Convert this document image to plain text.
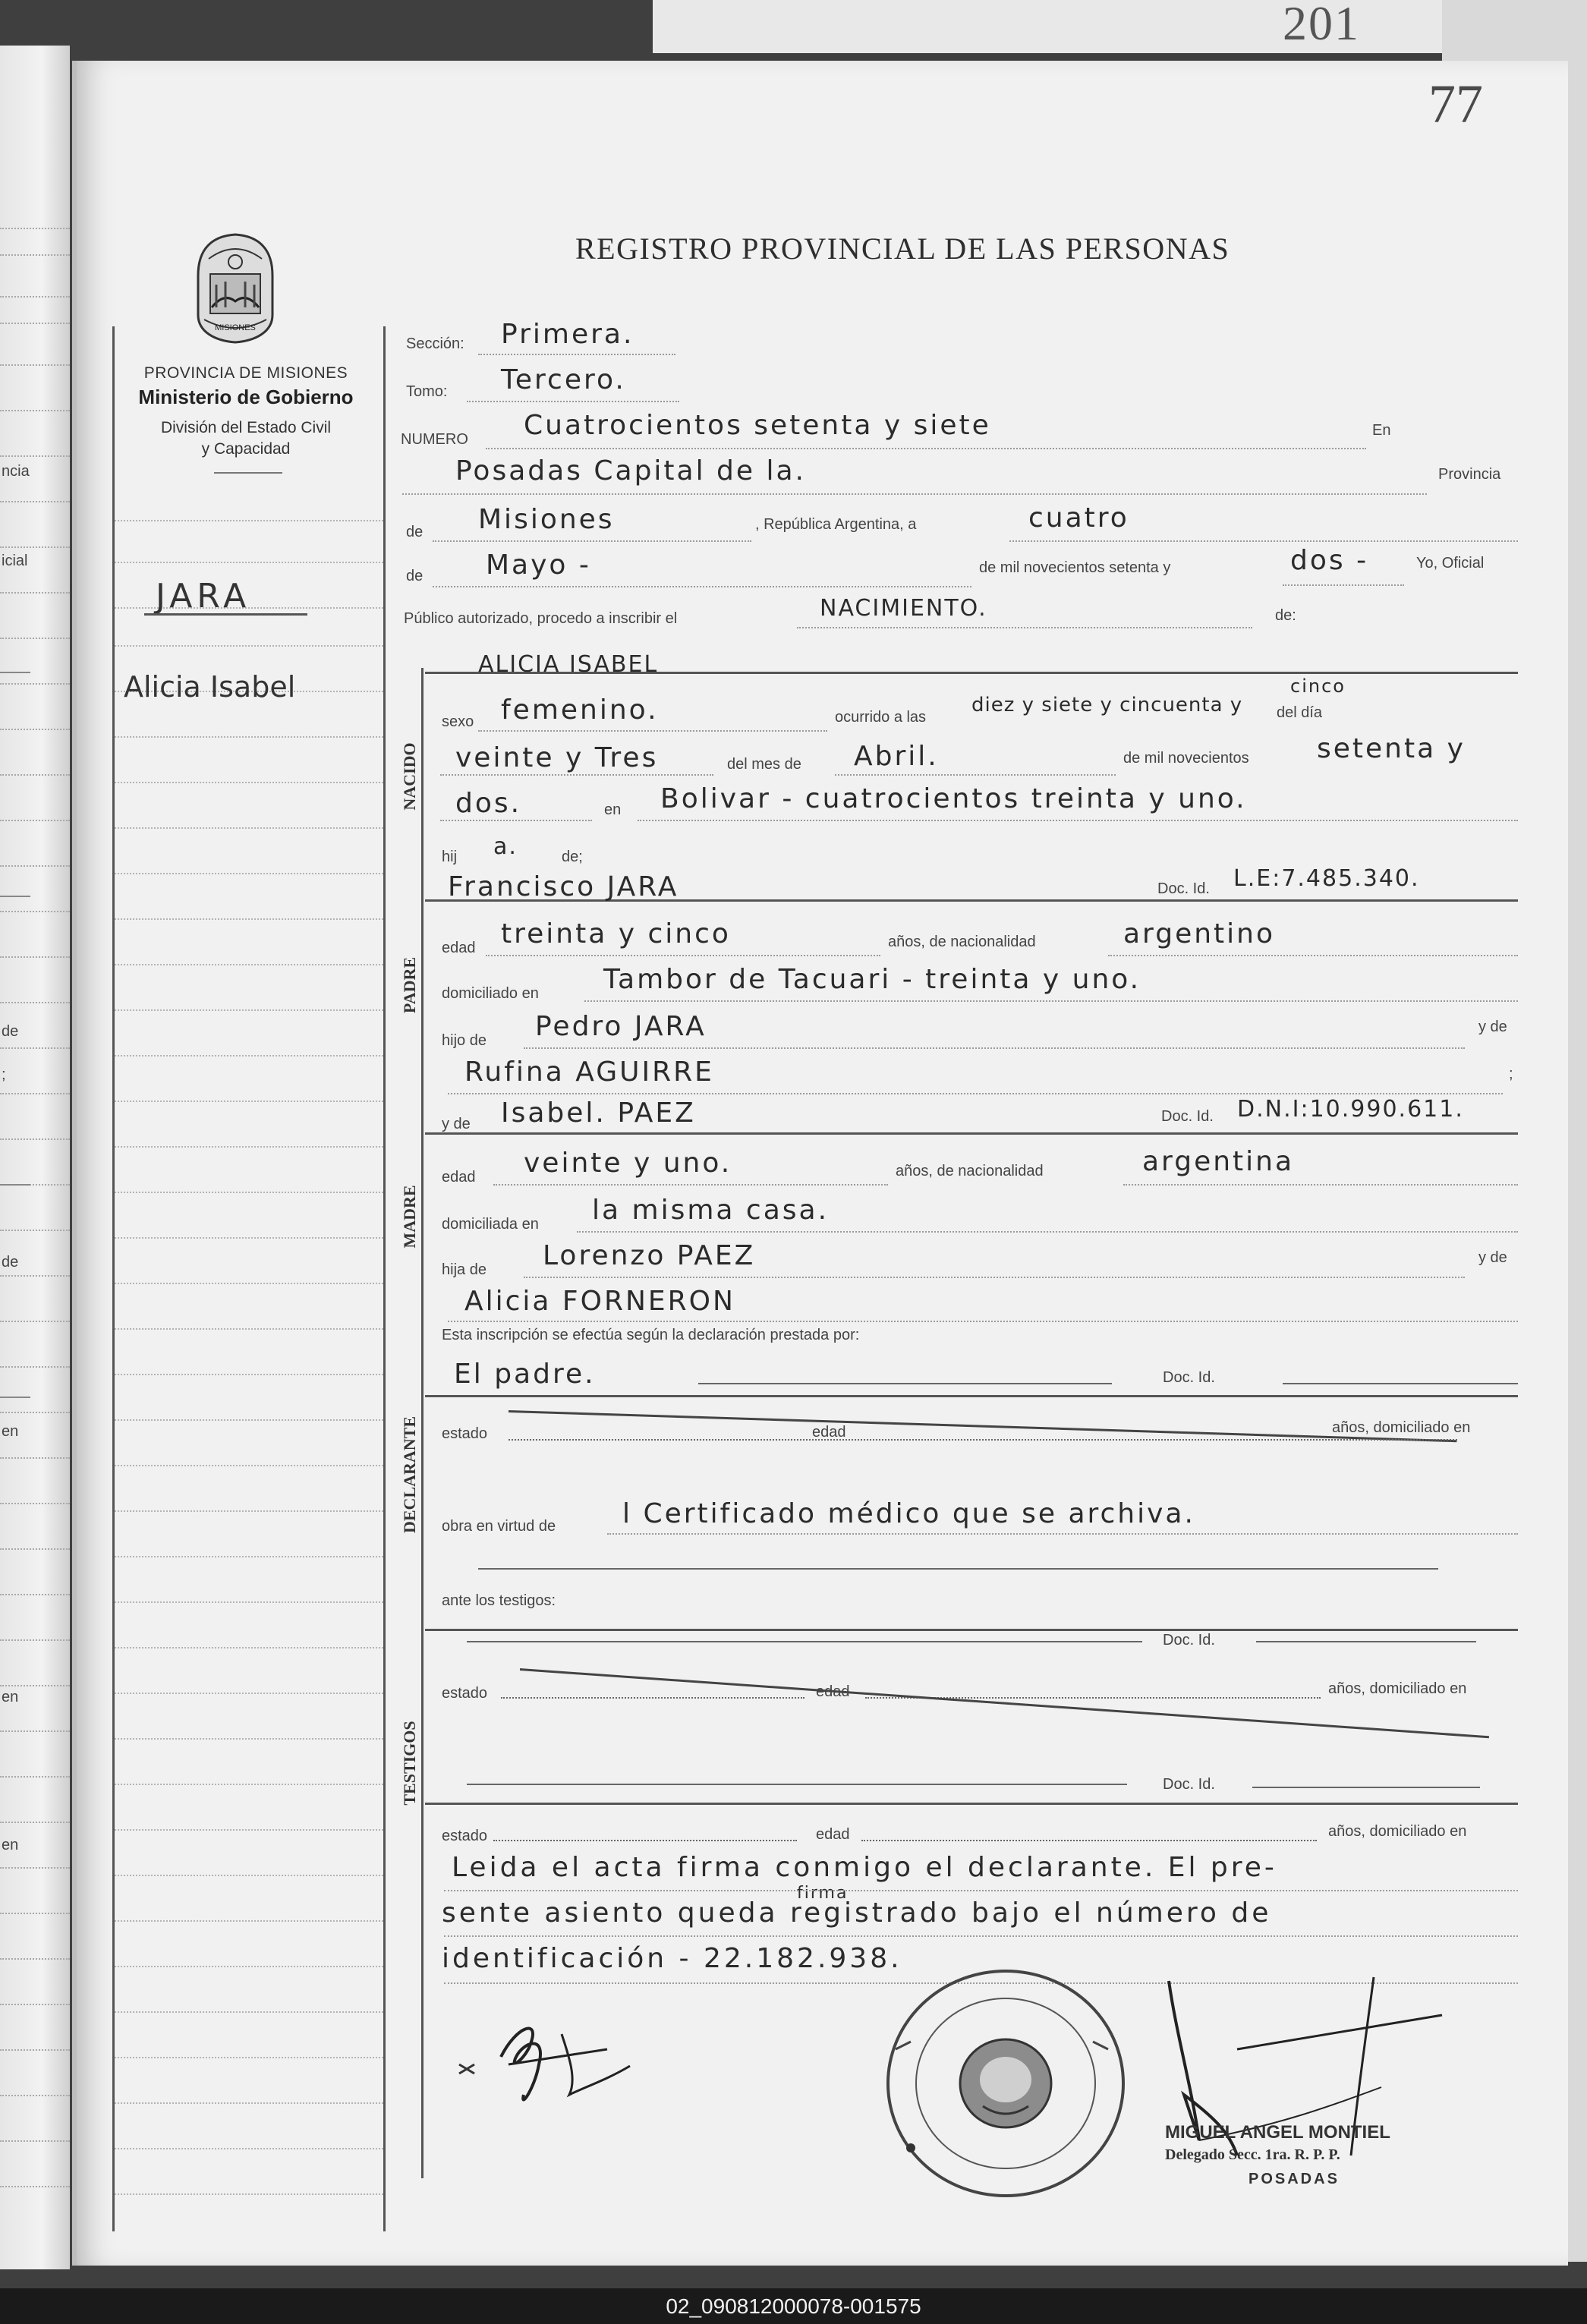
201
ncia
icial
de
;
de
en
en
en
77
REGISTRO PROVINCIAL DE LAS PERSONAS
MISIONES
PROVINCIA DE MISIONES
Ministerio de Gobierno
División del Estado Civil
y Capacidad
JARA
Alicia Isabel
NACIDO
PADRE
MADRE
DECLARANTE
TESTIGOS
Sección: Primera.
Tomo: Tercero.
NUMERO Cuatrocientos setenta y siete	En
Posadas Capital de la.	Provincia
de Misiones	, República Argentina, a	cuatro
de Mayo -	de mil novecientos setenta y	dos -	Yo, Oficial
Público autorizado, procedo a inscribir el	NACIMIENTO.	de:
ALICIA ISABEL
sexo femenino.	ocurrido a las
diez y siete y cincuenta y
cinco
del día
veinte y Tres	del mes de Abril.	de mil novecientos setenta y
dos.	en Bolivar - cuatrocientos treinta y uno.
hij a.	de;
Francisco JARA	Doc. Id. L.E:7.485.340.
edad treinta y cinco	años, de nacionalidad	argentino
domiciliado en Tambor de Tacuari - treinta y uno.
hijo de Pedro JARA	y de
Rufina AGUIRRE	;
y de Isabel. PAEZ	Doc. Id. D.N.I:10.990.611.
edad veinte y uno.	años, de nacionalidad	argentina
domiciliada en la misma casa.
hija de Lorenzo PAEZ	y de
Alicia FORNERON
Esta inscripción se efectúa según la declaración prestada por:
El padre.	Doc. Id.
estado	edad	años, domiciliado en
obra en virtud de l Certificado médico que se archiva.
ante los testigos:
Doc. Id.
estado	edad	años, domiciliado en
Doc. Id.
estado	edad	años, domiciliado en
Leida el acta firma conmigo el declarante. El pre-
firma
sente asiento queda registrado bajo el número de
identificación - 22.182.938.
MIGUEL ANGEL MONTIEL
Delegado Secc. 1ra. R. P. P.
POSADAS
02_090812000078-001575
